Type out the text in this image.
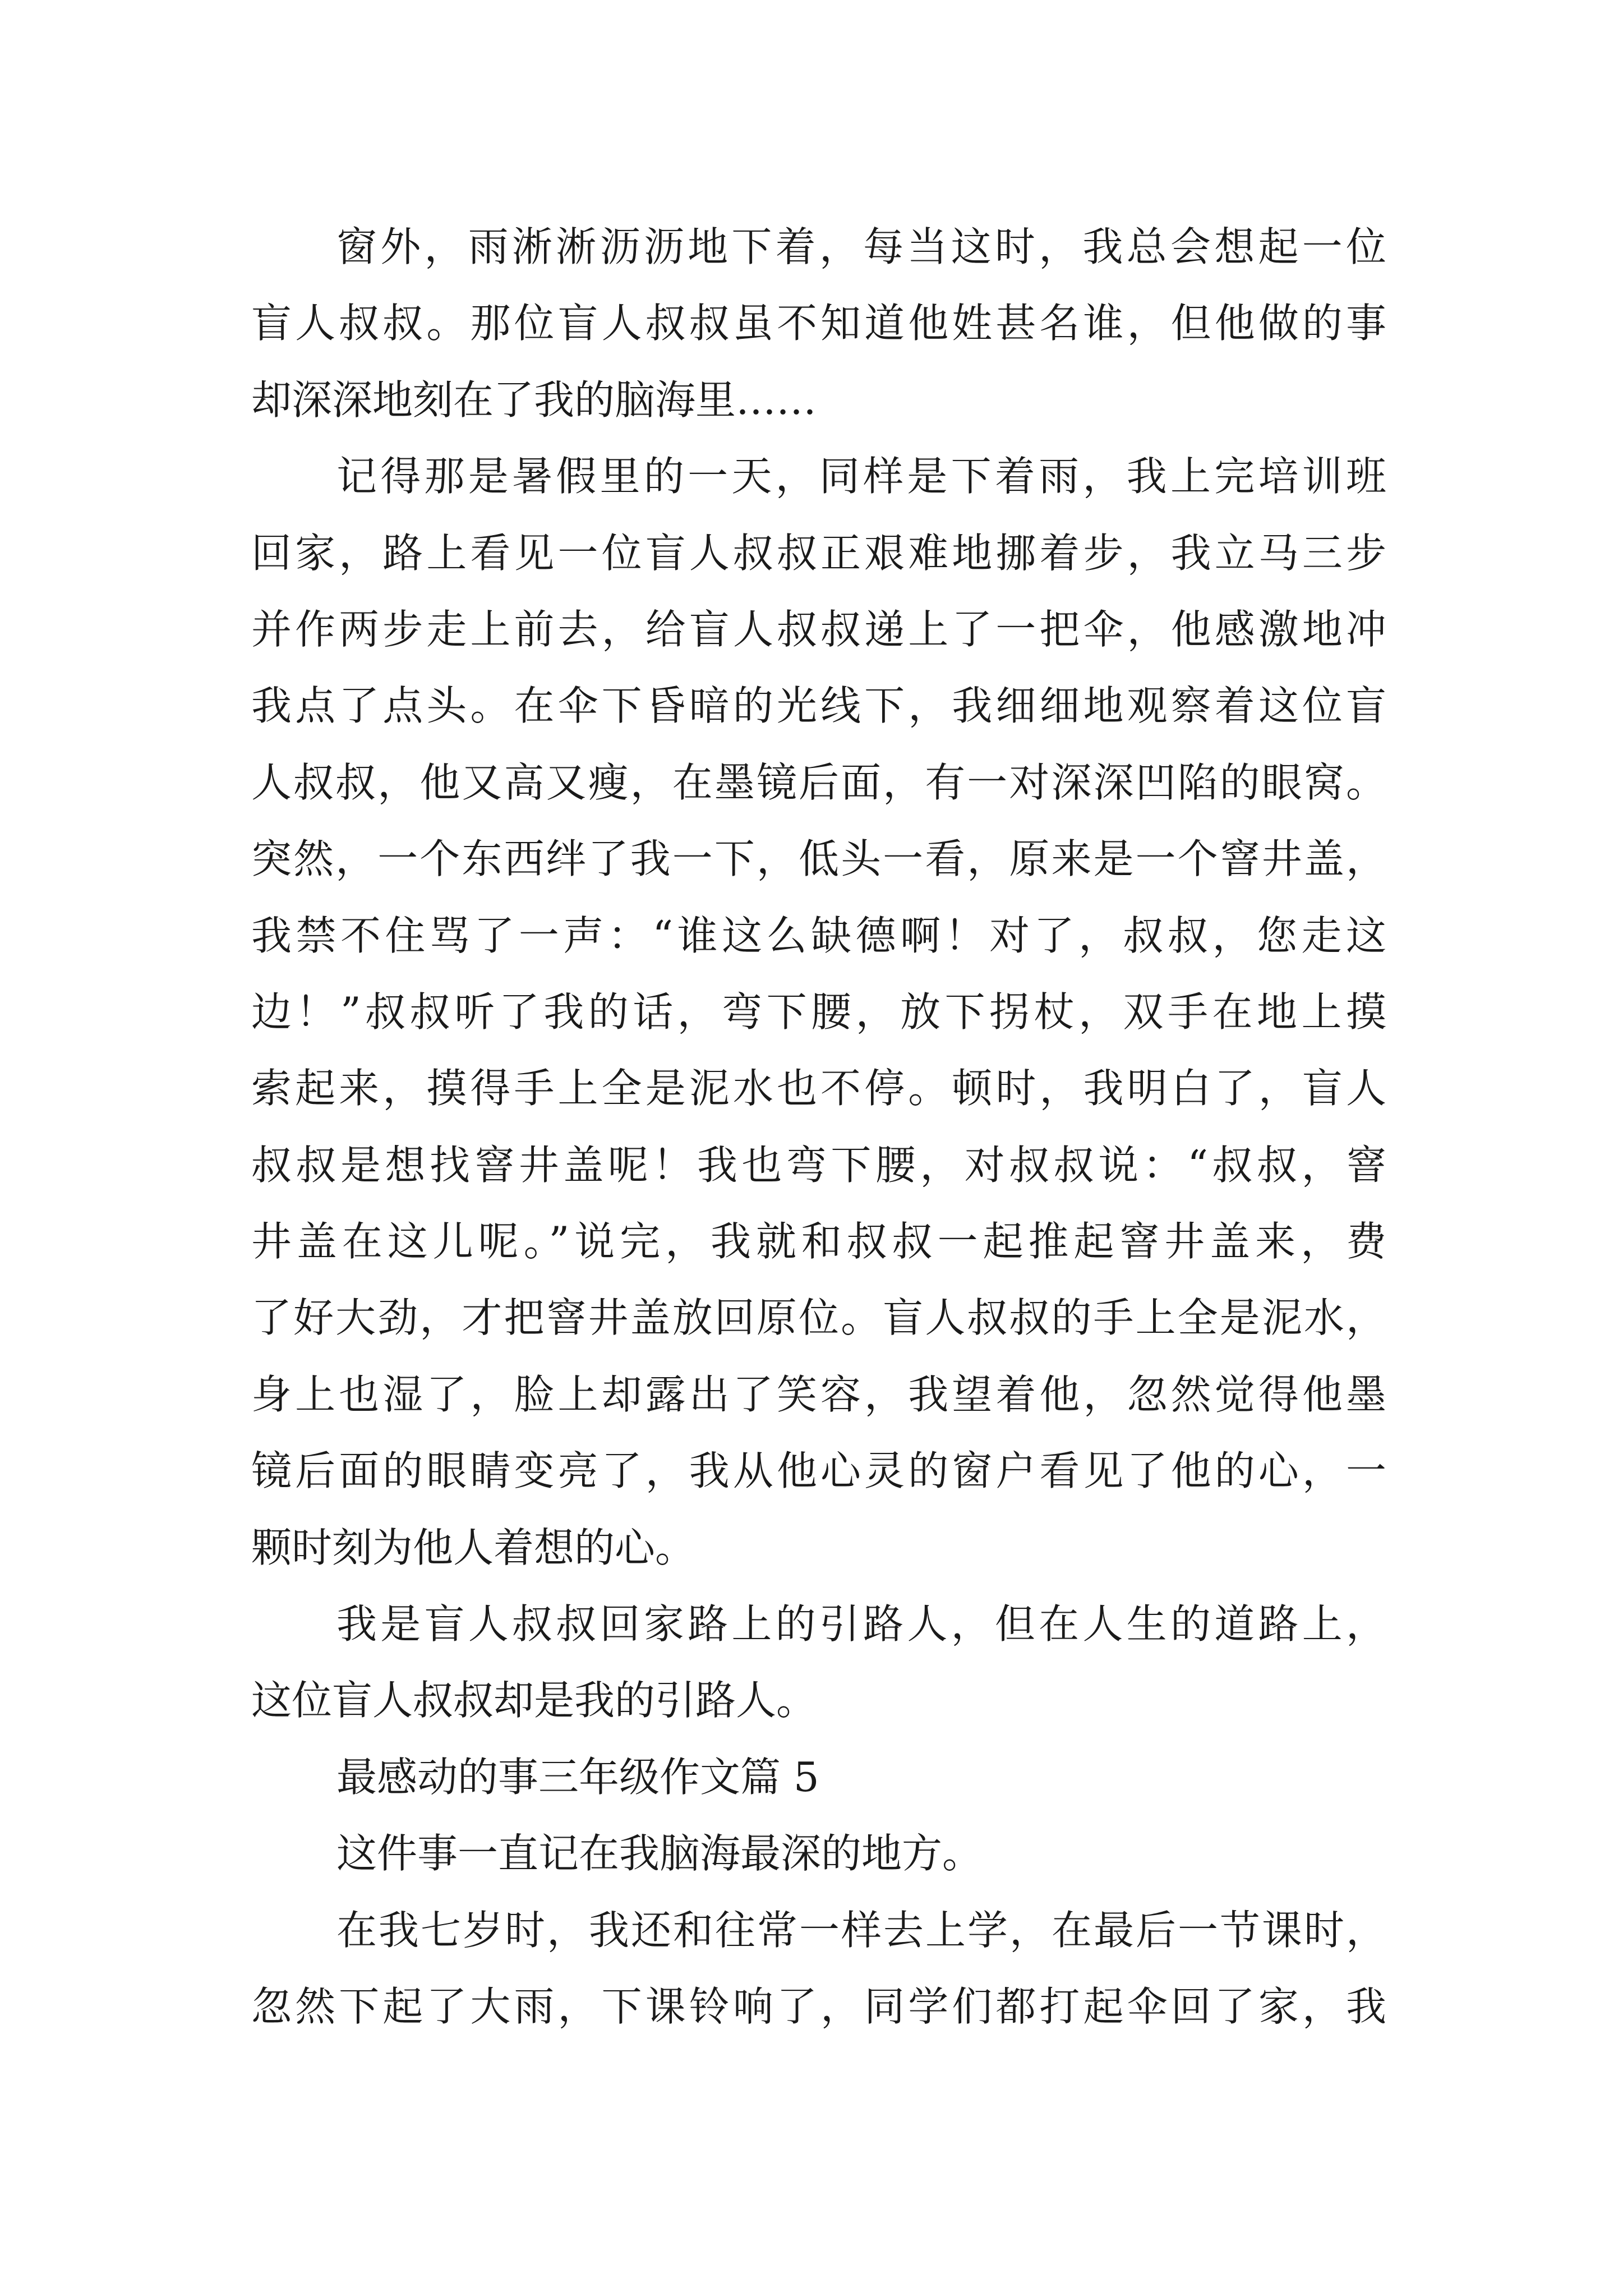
窗外，雨淅淅沥沥地下着，每当这时，我总会想起一位
盲人叔叔。那位盲人叔叔虽不知道他姓甚名谁，但他做的事
却深深地刻在了我的脑海里……
记得那是暑假里的一天，同样是下着雨，我上完培训班
回家，路上看见一位盲人叔叔正艰难地挪着步，我立马三步
并作两步走上前去，给盲人叔叔递上了一把伞，他感激地冲
我点了点头。在伞下昏暗的光线下，我细细地观察着这位盲
人叔叔，他又高又瘦，在墨镜后面，有一对深深凹陷的眼窝。
突然，一个东西绊了我一下，低头一看，原来是一个窨井盖，
我禁不住骂了一声：“谁这么缺德啊！对了，叔叔，您走这
边！”叔叔听了我的话，弯下腰，放下拐杖，双手在地上摸
索起来，摸得手上全是泥水也不停。顿时，我明白了，盲人
叔叔是想找窨井盖呢！我也弯下腰，对叔叔说：“叔叔，窨
井盖在这儿呢。”说完，我就和叔叔一起推起窨井盖来，费
了好大劲，才把窨井盖放回原位。盲人叔叔的手上全是泥水，
身上也湿了，脸上却露出了笑容，我望着他，忽然觉得他墨
镜后面的眼睛变亮了，我从他心灵的窗户看见了他的心，一
颗时刻为他人着想的心。
我是盲人叔叔回家路上的引路人，但在人生的道路上，
这位盲人叔叔却是我的引路人。
最感动的事三年级作文篇 5
这件事一直记在我脑海最深的地方。
在我七岁时，我还和往常一样去上学，在最后一节课时，
忽然下起了大雨，下课铃响了，同学们都打起伞回了家，我
